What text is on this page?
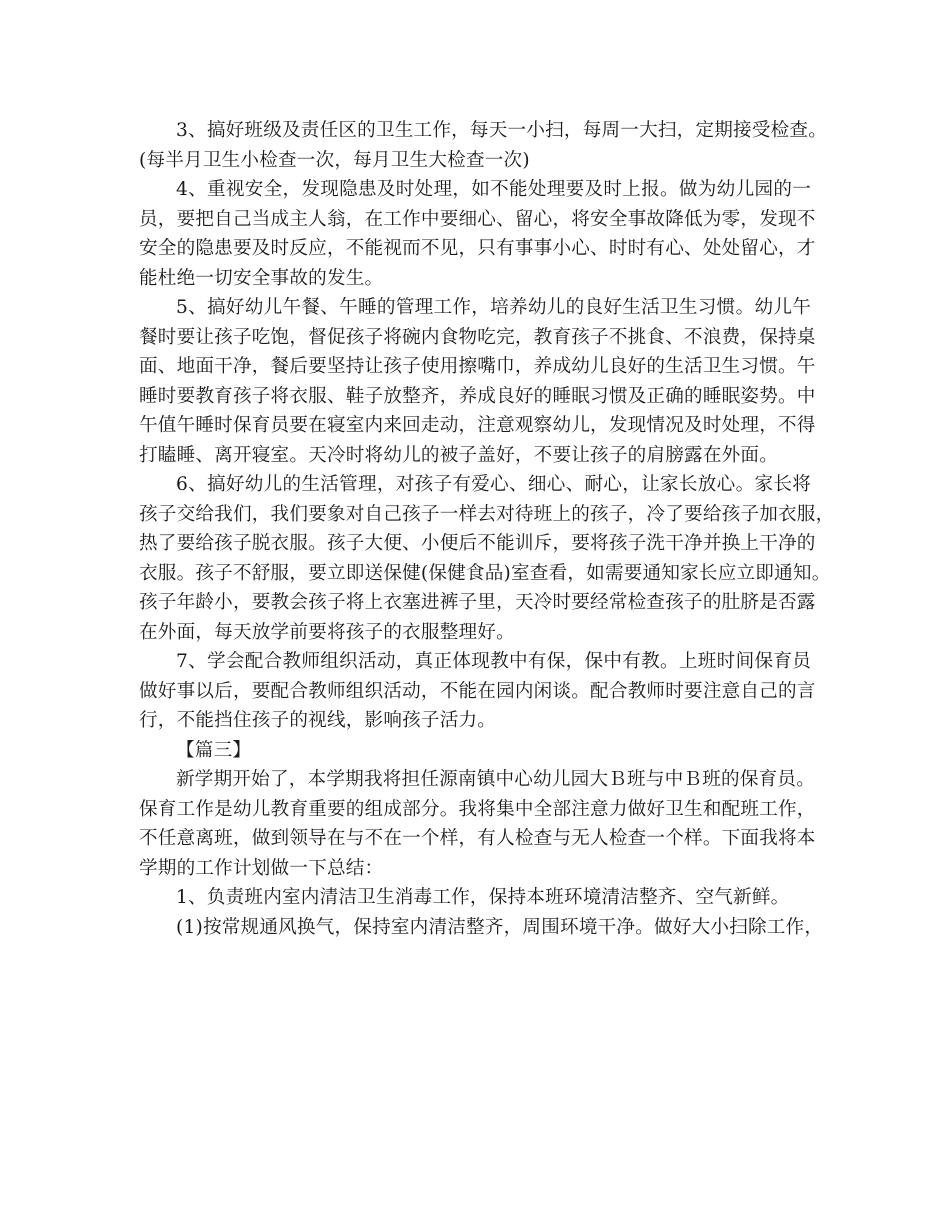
3、搞好班级及责任区的卫生工作，每天一小扫，每周一大扫，定期接受检查。
(每半月卫生小检查一次，每月卫生大检查一次)
4、重视安全，发现隐患及时处理，如不能处理要及时上报。做为幼儿园的一
员，要把自己当成主人翁，在工作中要细心、留心，将安全事故降低为零，发现不
安全的隐患要及时反应，不能视而不见，只有事事小心、时时有心、处处留心，才
能杜绝一切安全事故的发生。
5、搞好幼儿午餐、午睡的管理工作，培养幼儿的良好生活卫生习惯。幼儿午
餐时要让孩子吃饱，督促孩子将碗内食物吃完，教育孩子不挑食、不浪费，保持桌
面、地面干净，餐后要坚持让孩子使用擦嘴巾，养成幼儿良好的生活卫生习惯。午
睡时要教育孩子将衣服、鞋子放整齐，养成良好的睡眠习惯及正确的睡眠姿势。中
午值午睡时保育员要在寝室内来回走动，注意观察幼儿，发现情况及时处理，不得
打瞌睡、离开寝室。天冷时将幼儿的被子盖好，不要让孩子的肩膀露在外面。
6、搞好幼儿的生活管理，对孩子有爱心、细心、耐心，让家长放心。家长将
孩子交给我们，我们要象对自己孩子一样去对待班上的孩子，冷了要给孩子加衣服，
热了要给孩子脱衣服。孩子大便、小便后不能训斥，要将孩子洗干净并换上干净的
衣服。孩子不舒服，要立即送保健(保健食品)室查看，如需要通知家长应立即通知。
孩子年龄小，要教会孩子将上衣塞进裤子里，天冷时要经常检查孩子的肚脐是否露
在外面，每天放学前要将孩子的衣服整理好。
7、学会配合教师组织活动，真正体现教中有保，保中有教。上班时间保育员
做好事以后，要配合教师组织活动，不能在园内闲谈。配合教师时要注意自己的言
行，不能挡住孩子的视线，影响孩子活力。
【篇三】
新学期开始了，本学期我将担任源南镇中心幼儿园大Ｂ班与中Ｂ班的保育员。
保育工作是幼儿教育重要的组成部分。我将集中全部注意力做好卫生和配班工作，
不任意离班，做到领导在与不在一个样，有人检查与无人检查一个样。下面我将本
学期的工作计划做一下总结：
1、负责班内室内清洁卫生消毒工作，保持本班环境清洁整齐、空气新鲜。
(1)按常规通风换气，保持室内清洁整齐，周围环境干净。做好大小扫除工作，
